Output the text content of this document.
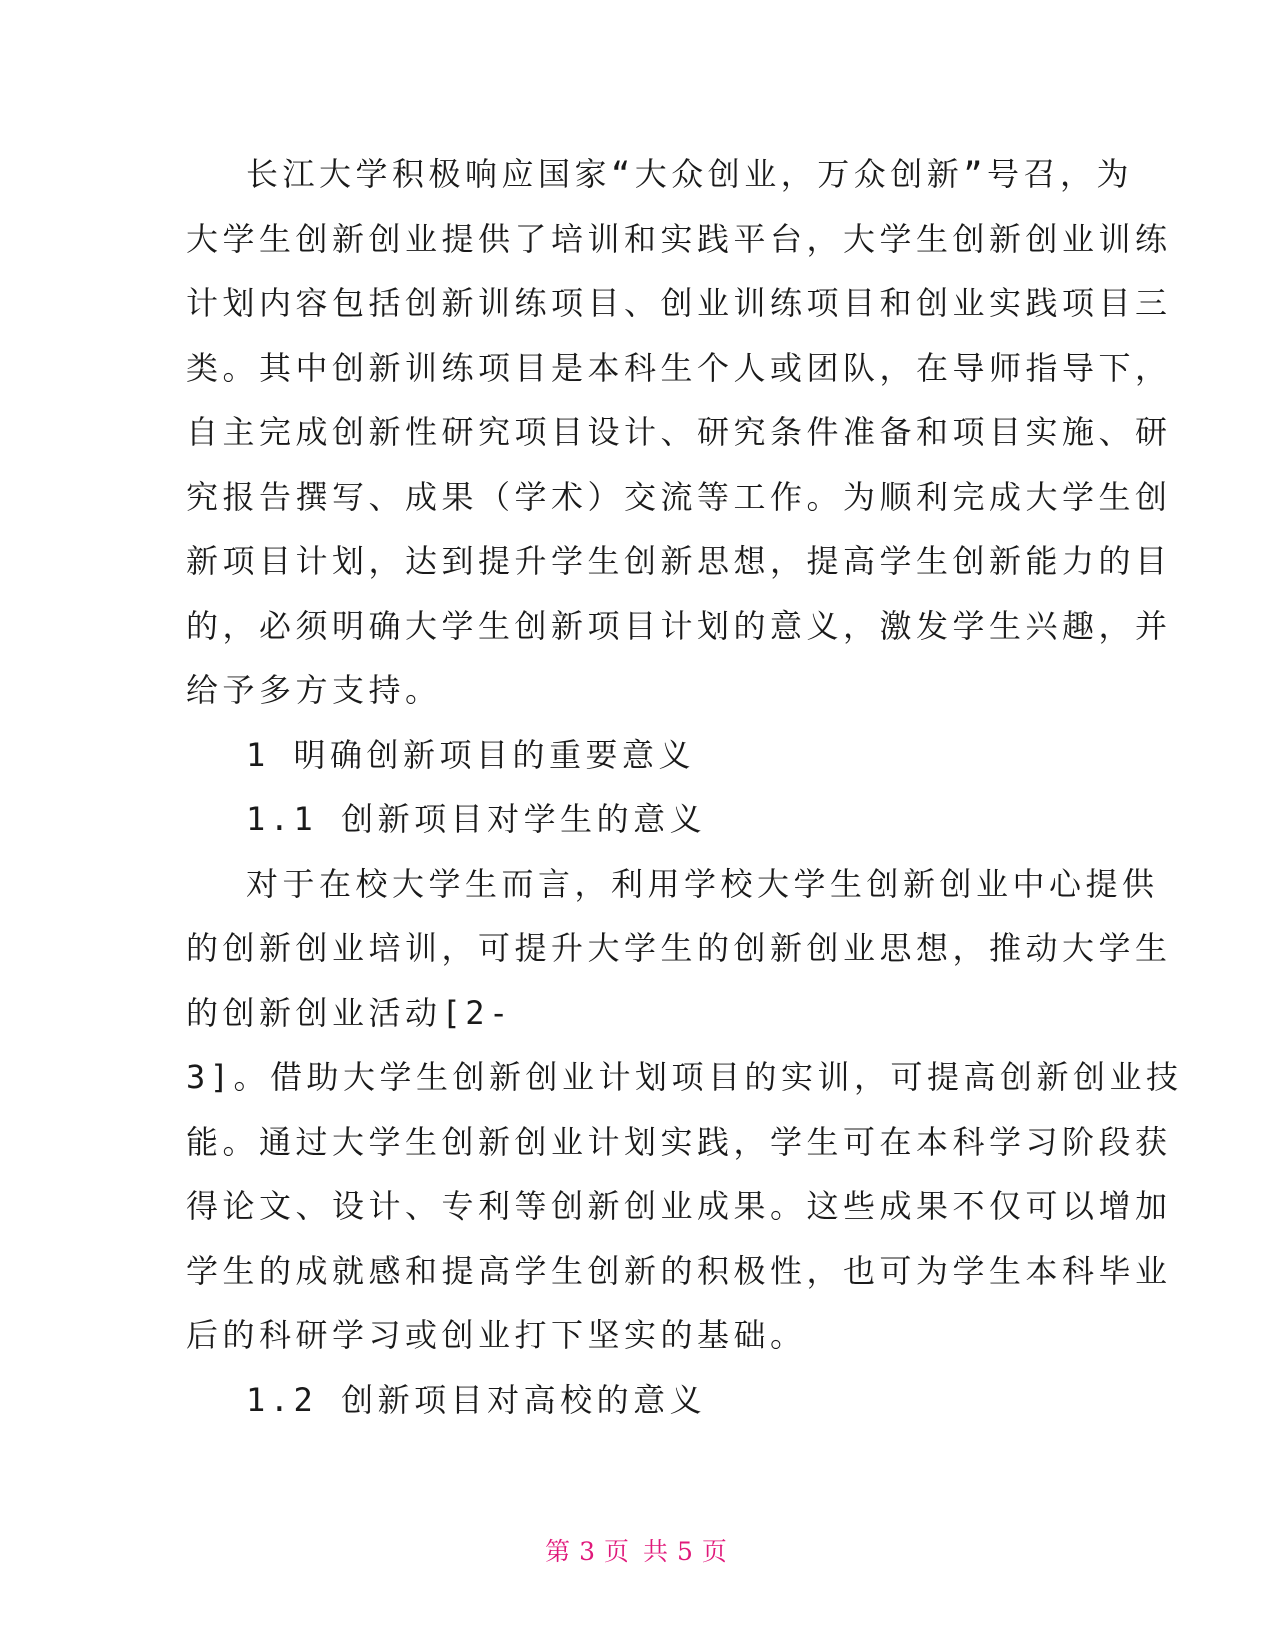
长江大学积极响应国家“大众创业，万众创新”号召，为
大学生创新创业提供了培训和实践平台，大学生创新创业训练
计划内容包括创新训练项目、创业训练项目和创业实践项目三
类。其中创新训练项目是本科生个人或团队，在导师指导下，
自主完成创新性研究项目设计、研究条件准备和项目实施、研
究报告撰写、成果（学术）交流等工作。为顺利完成大学生创
新项目计划，达到提升学生创新思想，提高学生创新能力的目
的，必须明确大学生创新项目计划的意义，激发学生兴趣，并
给予多方支持。
1 明确创新项目的重要意义
1.1 创新项目对学生的意义
对于在校大学生而言，利用学校大学生创新创业中心提供
的创新创业培训，可提升大学生的创新创业思想，推动大学生
的创新创业活动[2-
3]。借助大学生创新创业计划项目的实训，可提高创新创业技
能。通过大学生创新创业计划实践，学生可在本科学习阶段获
得论文、设计、专利等创新创业成果。这些成果不仅可以增加
学生的成就感和提高学生创新的积极性，也可为学生本科毕业
后的科研学习或创业打下坚实的基础。
1.2 创新项目对高校的意义
第 3 页 共 5 页
